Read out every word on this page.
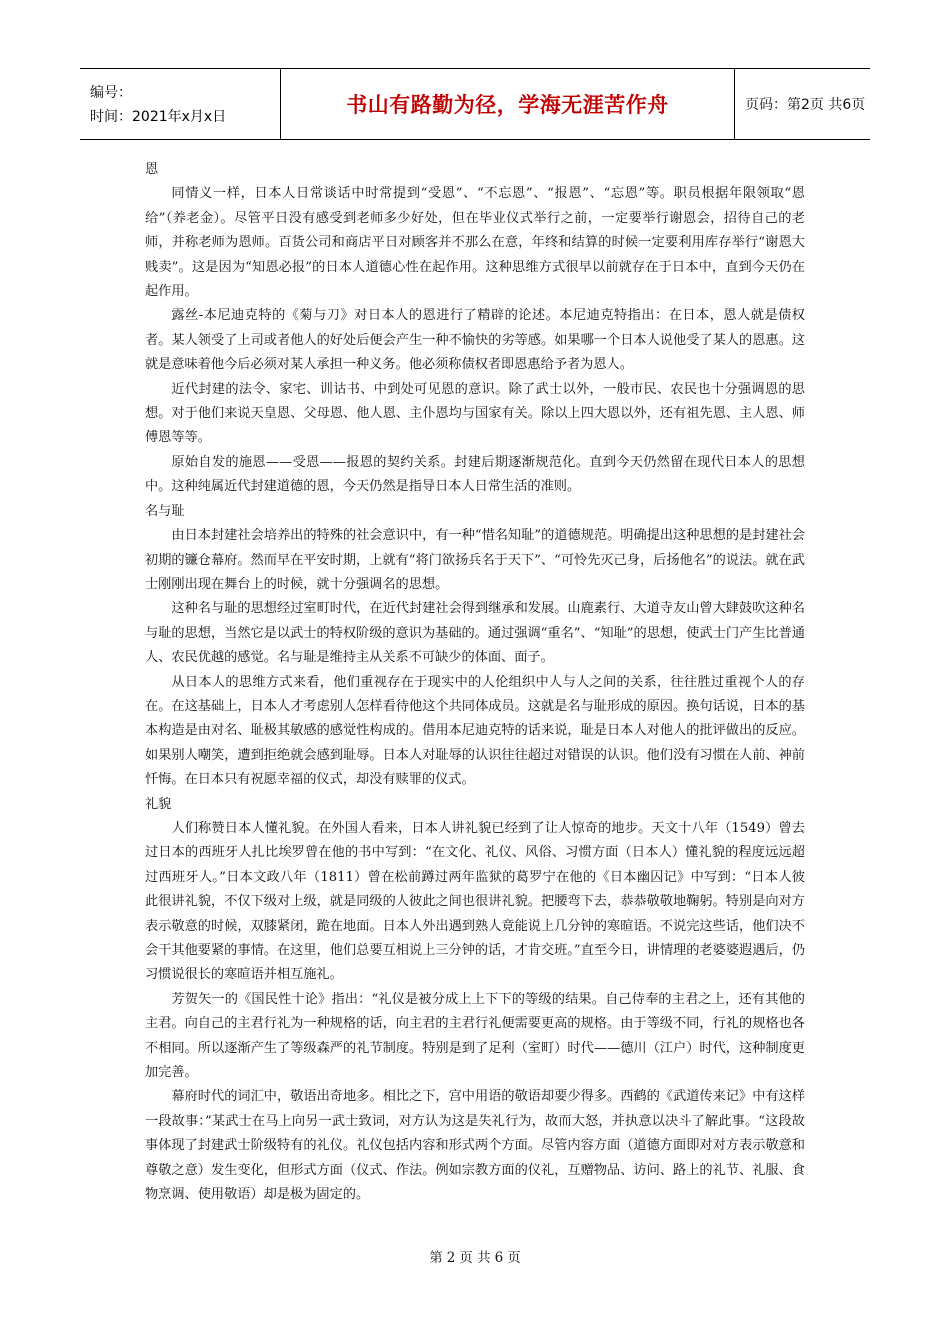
编号：
时间：2021年x月x日	书山有路勤为径，学海无涯苦作舟	页码：第2页 共6页

恩

同情义一样，日本人日常谈话中时常提到“受恩”、“不忘恩”、“报恩”、“忘恩”等。职员根据年限领取“恩给”（养老金）。尽管平日没有感受到老师多少好处，但在毕业仪式举行之前，一定要举行谢恩会，招待自己的老师，并称老师为恩师。百货公司和商店平日对顾客并不那么在意，年终和结算的时候一定要利用库存举行“谢恩大贱卖”。这是因为“知恩必报”的日本人道德心性在起作用。这种思维方式很早以前就存在于日本中，直到今天仍在起作用。

露丝-本尼迪克特的《菊与刀》对日本人的恩进行了精辟的论述。本尼迪克特指出：在日本，恩人就是债权者。某人领受了上司或者他人的好处后便会产生一种不愉快的劣等感。如果哪一个日本人说他受了某人的恩惠。这就是意味着他今后必须对某人承担一种义务。他必须称债权者即恩惠给予者为恩人。

近代封建的法令、家宅、训诂书、中到处可见恩的意识。除了武士以外，一般市民、农民也十分强调恩的思想。对于他们来说天皇恩、父母恩、他人恩、主仆恩均与国家有关。除以上四大恩以外，还有祖先恩、主人恩、师傅恩等等。

原始自发的施恩——受恩——报恩的契约关系。封建后期逐渐规范化。直到今天仍然留在现代日本人的思想中。这种纯属近代封建道德的恩，今天仍然是指导日本人日常生活的准则。

名与耻

由日本封建社会培养出的特殊的社会意识中，有一种“惜名知耻”的道德规范。明确提出这种思想的是封建社会初期的镰仓幕府。然而早在平安时期，上就有“将门欲扬兵名于天下”、“可怜先灭己身，后扬他名”的说法。就在武士刚刚出现在舞台上的时候，就十分强调名的思想。

这种名与耻的思想经过室町时代，在近代封建社会得到继承和发展。山鹿素行、大道寺友山曾大肆鼓吹这种名与耻的思想，当然它是以武士的特权阶级的意识为基础的。通过强调“重名”、“知耻”的思想，使武士门产生比普通人、农民优越的感觉。名与耻是维持主从关系不可缺少的体面、面子。

从日本人的思维方式来看，他们重视存在于现实中的人伦组织中人与人之间的关系，往往胜过重视个人的存在。在这基础上，日本人才考虑别人怎样看待他这个共同体成员。这就是名与耻形成的原因。换句话说，日本的基本构造是由对名、耻极其敏感的感觉性构成的。借用本尼迪克特的话来说，耻是日本人对他人的批评做出的反应。如果别人嘲笑，遭到拒绝就会感到耻辱。日本人对耻辱的认识往往超过对错误的认识。他们没有习惯在人前、神前忏悔。在日本只有祝愿幸福的仪式，却没有赎罪的仪式。

礼貌

人们称赞日本人懂礼貌。在外国人看来，日本人讲礼貌已经到了让人惊奇的地步。天文十八年（1549）曾去过日本的西班牙人扎比埃罗曾在他的书中写到：“在文化、礼仪、风俗、习惯方面（日本人）懂礼貌的程度远远超过西班牙人。”日本文政八年（1811）曾在松前蹲过两年监狱的葛罗宁在他的《日本幽囚记》中写到：“日本人彼此很讲礼貌，不仅下级对上级，就是同级的人彼此之间也很讲礼貌。把腰弯下去，恭恭敬敬地鞠躬。特别是向对方表示敬意的时候，双膝紧闭，跪在地面。日本人外出遇到熟人竟能说上几分钟的寒暄语。不说完这些话，他们决不会干其他要紧的事情。在这里，他们总要互相说上三分钟的话，才肯交班。”直至今日，讲情理的老婆婆遐遇后，仍习惯说很长的寒暄语并相互施礼。

芳贺矢一的《国民性十论》指出：“礼仪是被分成上上下下的等级的结果。自己侍奉的主君之上，还有其他的主君。向自己的主君行礼为一种规格的话，向主君的主君行礼便需要更高的规格。由于等级不同，行礼的规格也各不相同。所以逐渐产生了等级森严的礼节制度。特别是到了足利（室町）时代——德川（江户）时代，这种制度更加完善。

幕府时代的词汇中，敬语出奇地多。相比之下，宫中用语的敬语却要少得多。西鹤的《武道传来记》中有这样一段故事：”某武士在马上向另一武士致词，对方认为这是失礼行为，故而大怒，并执意以决斗了解此事。“这段故事体现了封建武士阶级特有的礼仪。礼仪包括内容和形式两个方面。尽管内容方面（道德方面即对对方表示敬意和尊敬之意）发生变化，但形式方面（仪式、作法。例如宗教方面的仪礼，互赠物品、访问、路上的礼节、礼服、食物烹调、使用敬语）却是极为固定的。

第 2 页 共 6 页
